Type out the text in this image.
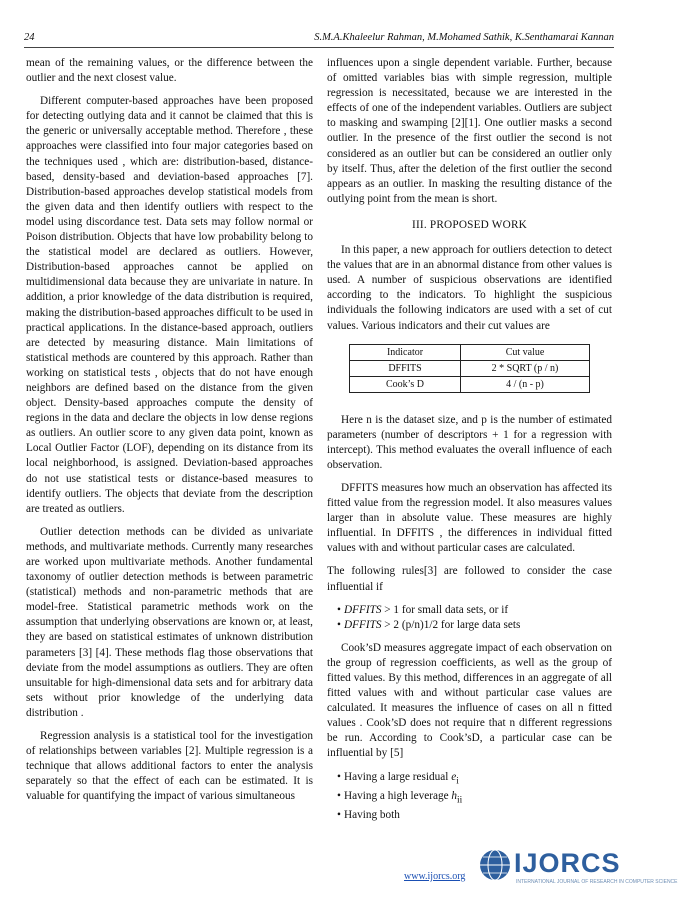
24	S.M.A.Khaleelur Rahman, M.Mohamed Sathik, K.Senthamarai Kannan

mean of the remaining values, or the difference between the outlier and the next closest value.

Different computer-based approaches have been proposed for detecting outlying data and it cannot be claimed that this is the generic or universally acceptable method. Therefore , these approaches were classified into four major categories based on the techniques used , which are: distribution-based, distance-based, density-based and deviation-based approaches [7]. Distribution-based approaches develop statistical models from the given data and then identify outliers with respect to the model using discordance test. Data sets may follow normal or Poison distribution. Objects that have low probability belong to the statistical model are declared as outliers. However, Distribution-based approaches cannot be applied on multidimensional data because they are univariate in nature. In addition, a prior knowledge of the data distribution is required, making the distribution-based approaches difficult to be used in practical applications. In the distance-based approach, outliers are detected by measuring distance. Main limitations of statistical methods are countered by this approach. Rather than working on statistical tests , objects that do not have enough neighbors are defined based on the distance from the given object. Density-based approaches compute the density of regions in the data and declare the objects in low dense regions as outliers. An outlier score to any given data point, known as Local Outlier Factor (LOF), depending on its distance from its local neighborhood, is assigned. Deviation-based approaches do not use statistical tests or distance-based measures to identify outliers. The objects that deviate from the description are treated as outliers.

Outlier detection methods can be divided as univariate methods, and multivariate methods. Currently many researches are worked upon multivariate methods. Another fundamental taxonomy of outlier detection methods is between parametric (statistical) methods and non-parametric methods that are model-free. Statistical parametric methods work on the assumption that underlying observations are known or, at least, they are based on statistical estimates of unknown distribution parameters [3] [4]. These methods flag those observations that deviate from the model assumptions as outliers. They are often unsuitable for high-dimensional data sets and for arbitrary data sets without prior knowledge of the underlying data distribution .

Regression analysis is a statistical tool for the investigation of relationships between variables [2]. Multiple regression is a technique that allows additional factors to enter the analysis separately so that the effect of each can be estimated. It is valuable for quantifying the impact of various simultaneous

influences upon a single dependent variable. Further, because of omitted variables bias with simple regression, multiple regression is necessitated, because we are interested in the effects of one of the independent variables. Outliers are subject to masking and swamping [2][1]. One outlier masks a second outlier. In the presence of the first outlier the second is not considered as an outlier but can be considered an outlier only by itself. Thus, after the deletion of the first outlier the second appears as an outlier. In masking the resulting distance of the outlying point from the mean is short.

III. PROPOSED WORK

In this paper, a new approach for outliers detection to detect the values that are in an abnormal distance from other values is used. A number of suspicious observations are identified according to the indicators. To highlight the suspicious individuals the following indicators are used with a set of cut values. Various indicators and their cut values are

Indicator	Cut value
DFFITS	2 * SQRT (p / n)
Cook’s D	4 / (n - p)

Here n is the dataset size, and p is the number of estimated parameters (number of descriptors + 1 for a regression with intercept). This method evaluates the overall influence of each observation.

DFFITS measures how much an observation has affected its fitted value from the regression model. It also measures values larger than in absolute value. These measures are highly influential. In DFFITS , the differences in individual fitted values with and without particular cases are calculated.

The following rules[3] are followed to consider the case influential if

• DFFITS > 1 for small data sets, or if
• DFFITS > 2 (p/n)1/2 for large data sets

Cook’sD measures aggregate impact of each observation on the group of regression coefficients, as well as the group of fitted values. By this method, differences in an aggregate of all fitted values with and without particular case values are calculated. It measures the influence of cases on all n fitted values . Cook’sD does not require that n different regressions be run. According to Cook’sD, a particular case can be influential by [5]

• Having a large residual $e_i$
• Having a high leverage $h_{ii}$
• Having both
www.ijorcs.org IJORCS
INTERNATIONAL JOURNAL OF RESEARCH IN COMPUTER SCIENCE
